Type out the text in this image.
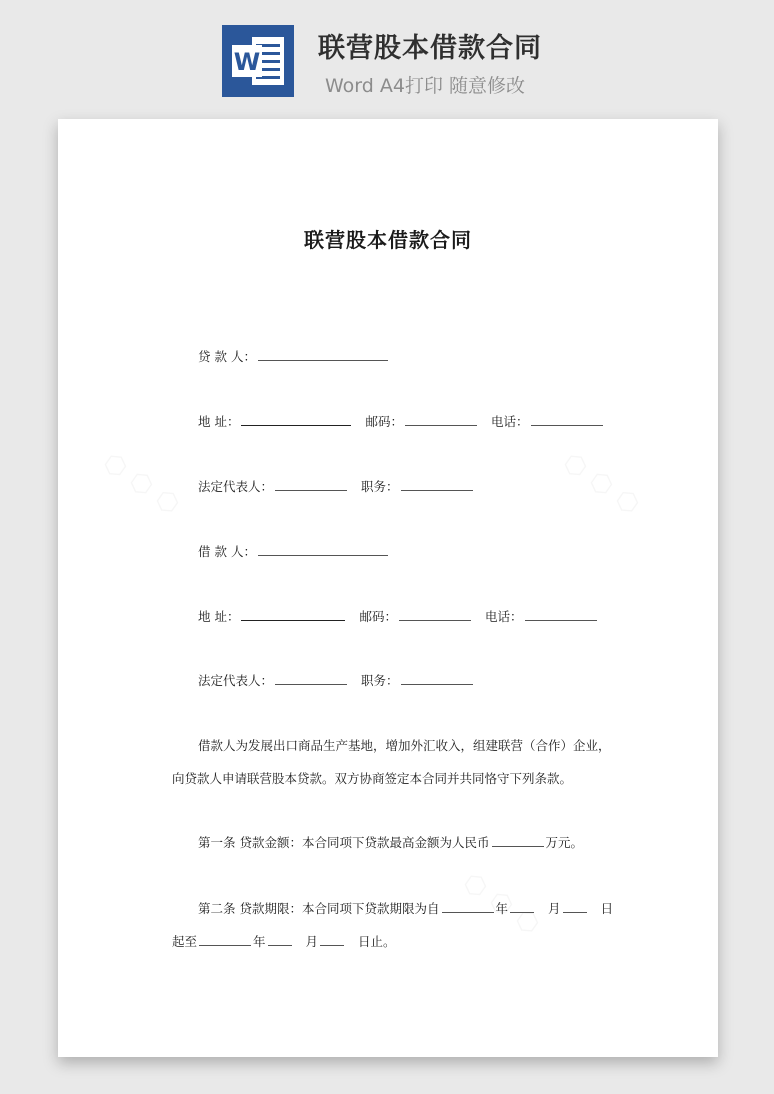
W 联营股本借款合同
Word A4打印 随意修改
联营股本借款合同
贷 款 人：
地 址：	邮码：	电话：
法定代表人：	职务：
借 款 人：
地 址：	邮码：	电话：
法定代表人：	职务：
借款人为发展出口商品生产基地，增加外汇收入，组建联营（合作）企业，
向贷款人申请联营股本贷款。双方协商签定本合同并共同恪守下列条款。
第一条 贷款金额：本合同项下贷款最高金额为人民币	万元。
第二条 贷款期限：本合同项下贷款期限为自	年	月	日
起至	年	月	日止。
